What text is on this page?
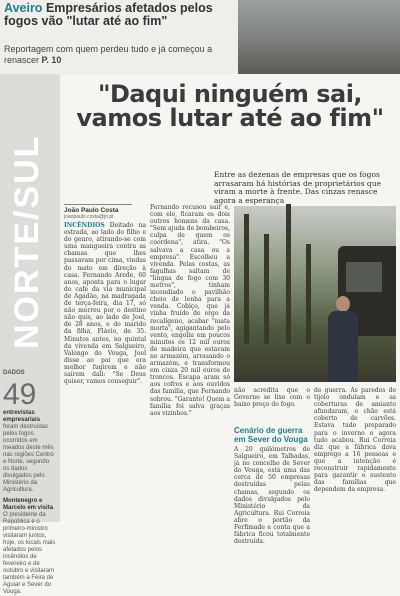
Aveiro Empresários afetados pelos fogos vão "lutar até ao fim"
Reportagem com quem perdeu tudo e já começou a renascer P. 10
NORTE/SUL
DADOS
49
entrevistas empresariais foram destruídas pelos fogos ocorridos em meados deste mês nas regiões Centro e Norte, segundo os dados divulgados pelo Ministério da Agricultura.
Montenegro e Marcelo em visita
O presidente da República e o primeiro-ministro visitaram juntos, hoje, os locais mais afetados pelos incêndios de fevereiro e de outubro e visitaram também a Feira de Aguiar e Sever do Vouga.
"Daqui ninguém sai, vamos lutar até ao fim"
Entre as dezenas de empresas que os fogos arrasaram há histórias de proprietários que viram a morte à frente. Das cinzas renasce agora a esperança
João Paulo Costa
joaopaulo.costa@jn.pt

INCÊNDIOS Deitado na estrada, ao lado do filho e do genro, atirando-se com uma mangueira contra as chamas que lhes passavam por cima, vindas do mato em direção à casa. Fernando Arede, 60 anos, aponta para o lugar do cafe da via municipal de Agadão, na madrugada de terça-feira, dia 17, só não morreu por o destino não quis, ao lado de Joel, de 28 anos, e do marido da filha, Flávio, de 35. Minutos antes, no quintal da vivenda em Salgueiro, Valongo do Vouga, Joel disse ao pai que era melhor fugirem e não saírem dali: "Se Deus quiser, vamos conseguir".

Fernando recusou sair e, com ele, ficaram os dois outros homens da casa. "Sem ajuda de bombeiros, culpa de quem os coordena", atira. "Os salvava a casa ou a empresa". Escolheu a vivenda. Pelas costas, as fagulhas saltam de "lingua de fogo com 30 metros", tinham incendiado o pavilhão cheio de lenha para a venda. Cobiço, que já vinha fruído de ergo da recalígeno, acabar "mata morta", agigantando pelo vento, engoliu em poucos minutos os 12 mil euros de madeira que estavam no armazém, arrasando o armazém, e transformou em cinza 20 mil euros de troncos. Escapa aram só aos cofres e aos ouvidos das família, que Fernando sobrou. "Garanto! Quem a família foi salva graças aos vizinhos."

não acredita que o Governo se lixe com o baixo preço do fogo.
Cenário de guerra em Sever do Vouga
A 20 quilómetros de Salgueiro, em Talhadas, já no concelho de Sever do Vouga, está uma das cerca de 50 empresas destruídas pelas chamas, segundo os dados divulgados pelo Ministério da Agricultura. Rui Correia abre o portão da Ferfimade e conta que a fábrica ficou totalmente destruída.

de guerra. As paredes de tijolo ondulam e as coberturas de amianto afundaram, o chão está coberto de carvões. Estava tudo preparado para o inverno e agora tudo acabou. Rui Correia diz que a fábrica dava emprego a 16 pessoas e que a intenção é reconstruir rapidamente para garantir o sustento das famílias que dependem da empresa.
